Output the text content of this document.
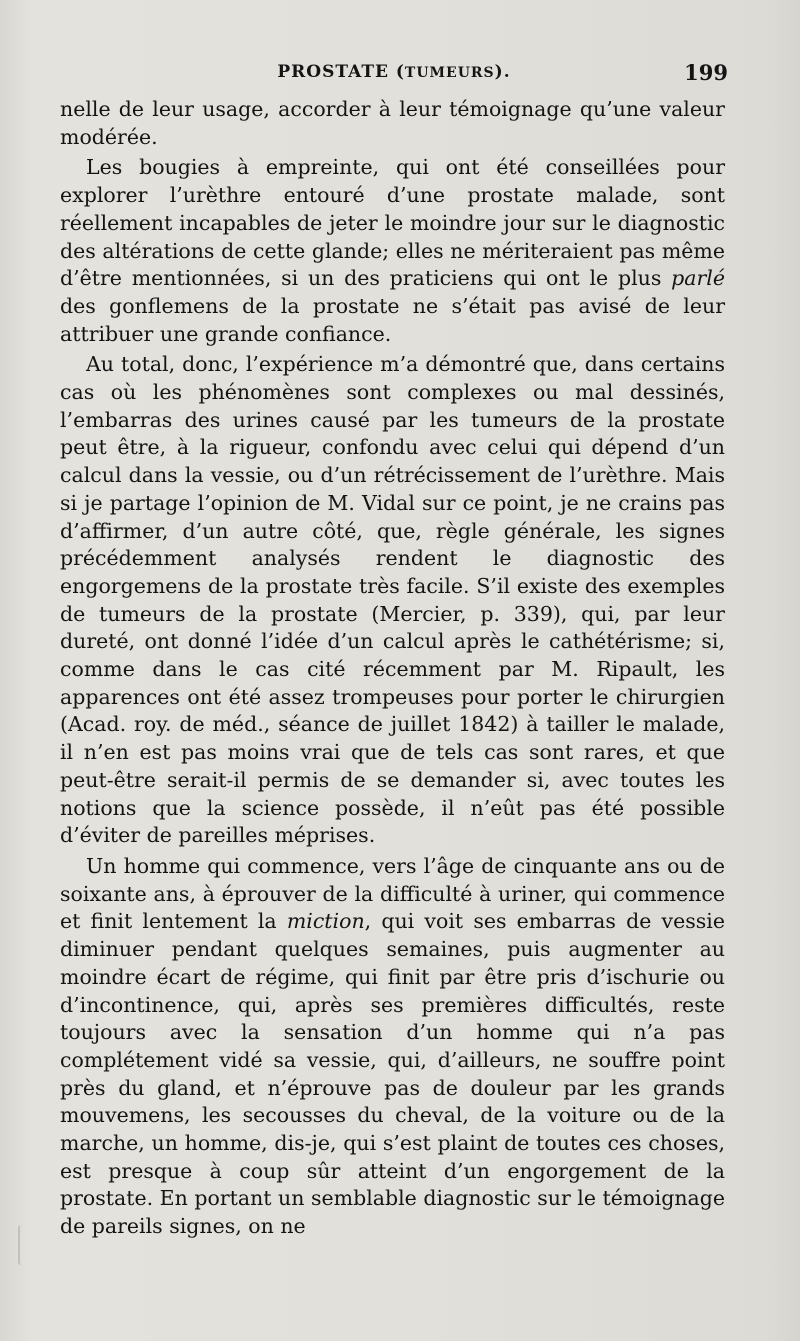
PROSTATE (TUMEURS).	199

nelle de leur usage, accorder à leur témoignage qu’une valeur modérée.

Les bougies à empreinte, qui ont été conseillées pour explorer l’urèthre entouré d’une prostate malade, sont réellement incapables de jeter le moindre jour sur le diagnostic des altérations de cette glande; elles ne mériteraient pas même d’être mentionnées, si un des praticiens qui ont le plus parlé des gonflemens de la prostate ne s’était pas avisé de leur attribuer une grande confiance.

Au total, donc, l’expérience m’a démontré que, dans certains cas où les phénomènes sont complexes ou mal dessinés, l’embarras des urines causé par les tumeurs de la prostate peut être, à la rigueur, confondu avec celui qui dépend d’un calcul dans la vessie, ou d’un rétrécissement de l’urèthre. Mais si je partage l’opinion de M. Vidal sur ce point, je ne crains pas d’affirmer, d’un autre côté, que, règle générale, les signes précédemment analysés rendent le diagnostic des engorgemens de la prostate très facile. S’il existe des exemples de tumeurs de la prostate (Mercier, p. 339), qui, par leur dureté, ont donné l’idée d’un calcul après le cathétérisme; si, comme dans le cas cité récemment par M. Ripault, les apparences ont été assez trompeuses pour porter le chirurgien (Acad. roy. de méd., séance de juillet 1842) à tailler le malade, il n’en est pas moins vrai que de tels cas sont rares, et que peut-être serait-il permis de se demander si, avec toutes les notions que la science possède, il n’eût pas été possible d’éviter de pareilles méprises.

Un homme qui commence, vers l’âge de cinquante ans ou de soixante ans, à éprouver de la difficulté à uriner, qui commence et finit lentement la miction, qui voit ses embarras de vessie diminuer pendant quelques semaines, puis augmenter au moindre écart de régime, qui finit par être pris d’ischurie ou d’incontinence, qui, après ses premières difficultés, reste toujours avec la sensation d’un homme qui n’a pas complétement vidé sa vessie, qui, d’ailleurs, ne souffre point près du gland, et n’éprouve pas de douleur par les grands mouvemens, les secousses du cheval, de la voiture ou de la marche, un homme, dis-je, qui s’est plaint de toutes ces choses, est presque à coup sûr atteint d’un engorgement de la prostate. En portant un semblable diagnostic sur le témoignage de pareils signes, on ne
